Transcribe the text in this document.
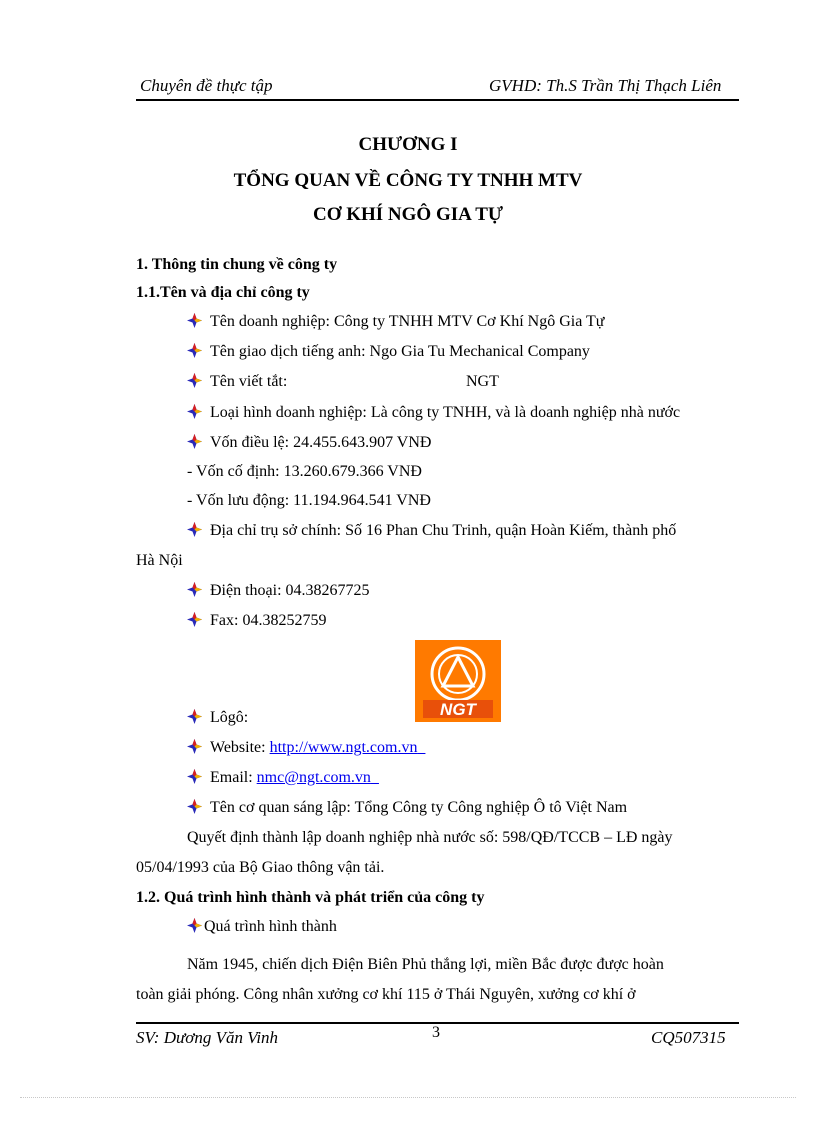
Chuyên đề thực tập	GVHD: Th.S Trần Thị Thạch Liên
CHƯƠNG I
TỔNG QUAN VỀ CÔNG TY TNHH MTV
CƠ KHÍ NGÔ GIA TỰ
1. Thông tin chung về công ty
1.1.Tên và địa chỉ công ty
Tên doanh nghiệp: Công ty TNHH MTV Cơ Khí Ngô Gia Tự
Tên giao dịch tiếng anh: Ngo Gia Tu Mechanical Company
Tên viết tắt:	NGT
Loại hình doanh nghiệp: Là công ty TNHH, và là doanh nghiệp nhà nước
Vốn điều lệ: 24.455.643.907 VNĐ
- Vốn cố định: 13.260.679.366 VNĐ
- Vốn lưu động: 11.194.964.541 VNĐ
Địa chỉ trụ sở chính: Số 16 Phan Chu Trinh, quận Hoàn Kiếm, thành phố
Hà Nội
Điện thoại: 04.38267725
Fax: 04.38252759
NGT
Lôgô:
Website: http://www.ngt.com.vn
Email: nmc@ngt.com.vn
Tên cơ quan sáng lập: Tổng Công ty Công nghiệp Ô tô Việt Nam
Quyết định thành lập doanh nghiệp nhà nước số: 598/QĐ/TCCB – LĐ ngày
05/04/1993 của Bộ Giao thông vận tải.
1.2. Quá trình hình thành và phát triển của công ty
Quá trình hình thành
Năm 1945, chiến dịch Điện Biên Phủ thắng lợi, miền Bắc được được hoàn
toàn giải phóng. Công nhân xưởng cơ khí 115 ở Thái Nguyên, xưởng cơ khí ở
SV: Dương Văn Vinh	3	CQ507315
